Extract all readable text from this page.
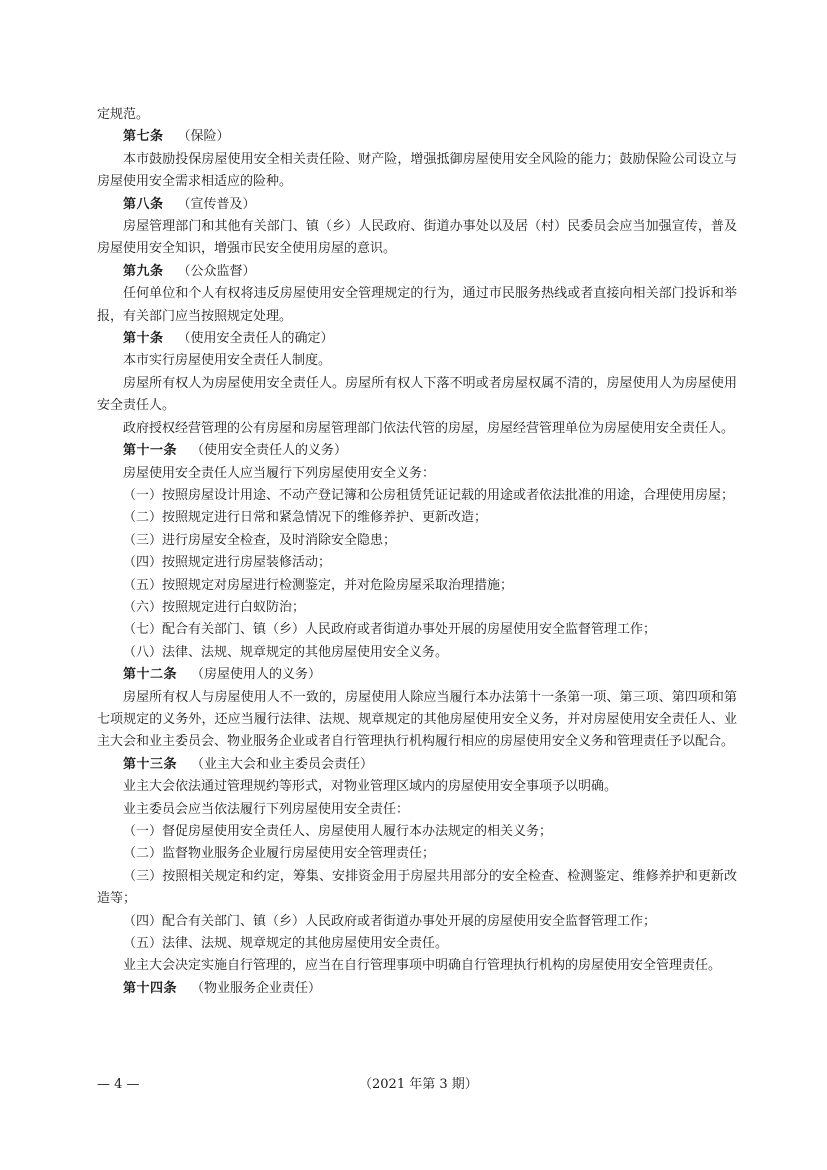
定规范。

第七条 （保险）

本市鼓励投保房屋使用安全相关责任险、财产险，增强抵御房屋使用安全风险的能力；鼓励保险公司设立与房屋使用安全需求相适应的险种。

第八条 （宣传普及）

房屋管理部门和其他有关部门、镇（乡）人民政府、街道办事处以及居（村）民委员会应当加强宣传，普及房屋使用安全知识，增强市民安全使用房屋的意识。

第九条 （公众监督）

任何单位和个人有权将违反房屋使用安全管理规定的行为，通过市民服务热线或者直接向相关部门投诉和举报，有关部门应当按照规定处理。

第十条 （使用安全责任人的确定）

本市实行房屋使用安全责任人制度。

房屋所有权人为房屋使用安全责任人。房屋所有权人下落不明或者房屋权属不清的，房屋使用人为房屋使用安全责任人。

政府授权经营管理的公有房屋和房屋管理部门依法代管的房屋，房屋经营管理单位为房屋使用安全责任人。

第十一条 （使用安全责任人的义务）

房屋使用安全责任人应当履行下列房屋使用安全义务：

（一）按照房屋设计用途、不动产登记簿和公房租赁凭证记载的用途或者依法批准的用途，合理使用房屋；

（二）按照规定进行日常和紧急情况下的维修养护、更新改造；

（三）进行房屋安全检查，及时消除安全隐患；

（四）按照规定进行房屋装修活动；

（五）按照规定对房屋进行检测鉴定，并对危险房屋采取治理措施；

（六）按照规定进行白蚁防治；

（七）配合有关部门、镇（乡）人民政府或者街道办事处开展的房屋使用安全监督管理工作；

（八）法律、法规、规章规定的其他房屋使用安全义务。

第十二条 （房屋使用人的义务）

房屋所有权人与房屋使用人不一致的，房屋使用人除应当履行本办法第十一条第一项、第三项、第四项和第七项规定的义务外，还应当履行法律、法规、规章规定的其他房屋使用安全义务，并对房屋使用安全责任人、业主大会和业主委员会、物业服务企业或者自行管理执行机构履行相应的房屋使用安全义务和管理责任予以配合。

第十三条 （业主大会和业主委员会责任）

业主大会依法通过管理规约等形式，对物业管理区域内的房屋使用安全事项予以明确。

业主委员会应当依法履行下列房屋使用安全责任：

（一）督促房屋使用安全责任人、房屋使用人履行本办法规定的相关义务；

（二）监督物业服务企业履行房屋使用安全管理责任；

（三）按照相关规定和约定，筹集、安排资金用于房屋共用部分的安全检查、检测鉴定、维修养护和更新改造等；

（四）配合有关部门、镇（乡）人民政府或者街道办事处开展的房屋使用安全监督管理工作；

（五）法律、法规、规章规定的其他房屋使用安全责任。

业主大会决定实施自行管理的，应当在自行管理事项中明确自行管理执行机构的房屋使用安全管理责任。

第十四条 （物业服务企业责任）

— 4 —	（2021 年第 3 期）
